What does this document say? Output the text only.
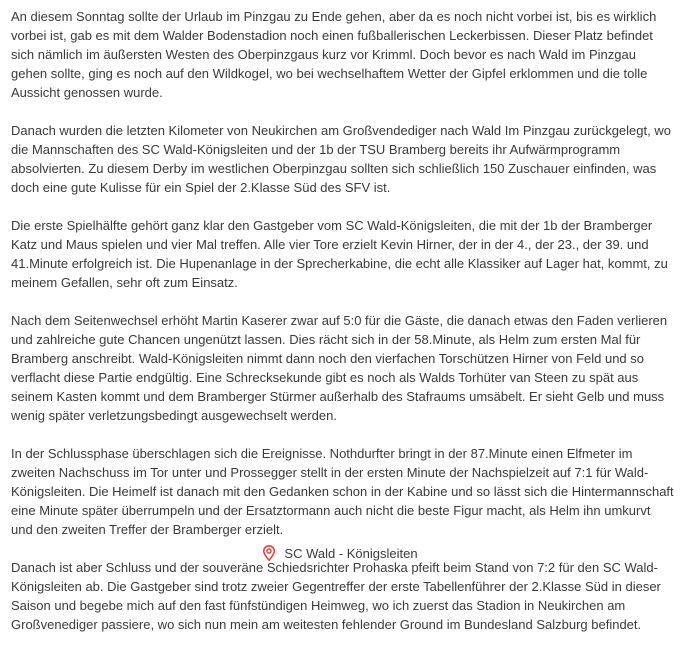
An diesem Sonntag sollte der Urlaub im Pinzgau zu Ende gehen, aber da es noch nicht vorbei ist, bis es wirklich vorbei ist, gab es mit dem Walder Bodenstadion noch einen fußballerischen Leckerbissen. Dieser Platz befindet sich nämlich im äußersten Westen des Oberpinzgaus kurz vor Krimml. Doch bevor es nach Wald im Pinzgau gehen sollte, ging es noch auf den Wildkogel, wo bei wechselhaftem Wetter der Gipfel erklommen und die tolle Aussicht genossen wurde.

Danach wurden die letzten Kilometer von Neukirchen am Großvendediger nach Wald Im Pinzgau zurückgelegt, wo die Mannschaften des SC Wald-Königsleiten und der 1b der TSU Bramberg bereits ihr Aufwärmprogramm absolvierten. Zu diesem Derby im westlichen Oberpinzgau sollten sich schließlich 150 Zuschauer einfinden, was doch eine gute Kulisse für ein Spiel der 2.Klasse Süd des SFV ist.

Die erste Spielhälfte gehört ganz klar den Gastgeber vom SC Wald-Königsleiten, die mit der 1b der Bramberger Katz und Maus spielen und vier Mal treffen. Alle vier Tore erzielt Kevin Hirner, der in der 4., der 23., der 39. und 41.Minute erfolgreich ist. Die Hupenanlage in der Sprecherkabine, die echt alle Klassiker auf Lager hat, kommt, zu meinem Gefallen, sehr oft zum Einsatz.

Nach dem Seitenwechsel erhöht Martin Kaserer zwar auf 5:0 für die Gäste, die danach etwas den Faden verlieren und zahlreiche gute Chancen ungenützt lassen. Dies rächt sich in der 58.Minute, als Helm zum ersten Mal für Bramberg anschreibt. Wald-Königsleiten nimmt dann noch den vierfachen Torschützen Hirner von Feld und so verflacht diese Partie endgültig. Eine Schrecksekunde gibt es noch als Walds Torhüter van Steen zu spät aus seinem Kasten kommt und dem Bramberger Stürmer außerhalb des Stafraums umsäbelt. Er sieht Gelb und muss wenig später verletzungsbedingt ausgewechselt werden.

In der Schlussphase überschlagen sich die Ereignisse. Nothdurfter bringt in der 87.Minute einen Elfmeter im zweiten Nachschuss im Tor unter und Prossegger stellt in der ersten Minute der Nachspielzeit auf 7:1 für Wald-Königsleiten. Die Heimelf ist danach mit den Gedanken schon in der Kabine und so lässt sich die Hintermannschaft eine Minute später überrumpeln und der Ersatztormann auch nicht die beste Figur macht, als Helm ihn umkurvt und den zweiten Treffer der Bramberger erzielt.

Danach ist aber Schluss und der souveräne Schiedsrichter Prohaska pfeift beim Stand von 7:2 für den SC Wald-Königsleiten ab. Die Gastgeber sind trotz zweier Gegentreffer der erste Tabellenführer der 2.Klasse Süd in dieser Saison und begebe mich auf den fast fünfstündigen Heimweg, wo ich zuerst das Stadion in Neukirchen am Großvenediger passiere, wo sich nun mein am weitesten fehlender Ground im Bundesland Salzburg befindet.

SC Wald - Königsleiten
